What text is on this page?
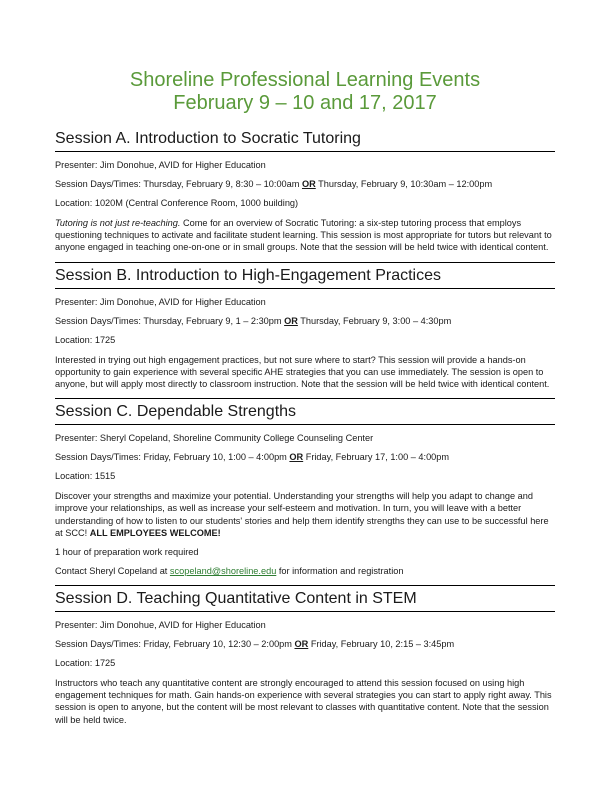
Shoreline Professional Learning Events
February 9 – 10 and 17, 2017
Session A. Introduction to Socratic Tutoring

Presenter: Jim Donohue, AVID for Higher Education

Session Days/Times: Thursday, February 9, 8:30 – 10:00am OR Thursday, February 9, 10:30am – 12:00pm

Location: 1020M (Central Conference Room, 1000 building)

Tutoring is not just re-teaching. Come for an overview of Socratic Tutoring: a six-step tutoring process that employs questioning techniques to activate and facilitate student learning. This session is most appropriate for tutors but relevant to anyone engaged in teaching one-on-one or in small groups. Note that the session will be held twice with identical content.

Session B. Introduction to High-Engagement Practices

Presenter: Jim Donohue, AVID for Higher Education

Session Days/Times: Thursday, February 9, 1 – 2:30pm OR Thursday, February 9, 3:00 – 4:30pm

Location: 1725

Interested in trying out high engagement practices, but not sure where to start? This session will provide a hands-on opportunity to gain experience with several specific AHE strategies that you can use immediately. The session is open to anyone, but will apply most directly to classroom instruction. Note that the session will be held twice with identical content.

Session C. Dependable Strengths

Presenter: Sheryl Copeland, Shoreline Community College Counseling Center

Session Days/Times: Friday, February 10, 1:00 – 4:00pm OR Friday, February 17, 1:00 – 4:00pm

Location: 1515

Discover your strengths and maximize your potential. Understanding your strengths will help you adapt to change and improve your relationships, as well as increase your self-esteem and motivation. In turn, you will leave with a better understanding of how to listen to our students' stories and help them identify strengths they can use to be successful here at SCC! ALL EMPLOYEES WELCOME!

1 hour of preparation work required

Contact Sheryl Copeland at scopeland@shoreline.edu for information and registration

Session D. Teaching Quantitative Content in STEM

Presenter: Jim Donohue, AVID for Higher Education

Session Days/Times: Friday, February 10, 12:30 – 2:00pm OR Friday, February 10, 2:15 – 3:45pm

Location: 1725

Instructors who teach any quantitative content are strongly encouraged to attend this session focused on using high engagement techniques for math. Gain hands-on experience with several strategies you can start to apply right away. This session is open to anyone, but the content will be most relevant to classes with quantitative content. Note that the session will be held twice.
